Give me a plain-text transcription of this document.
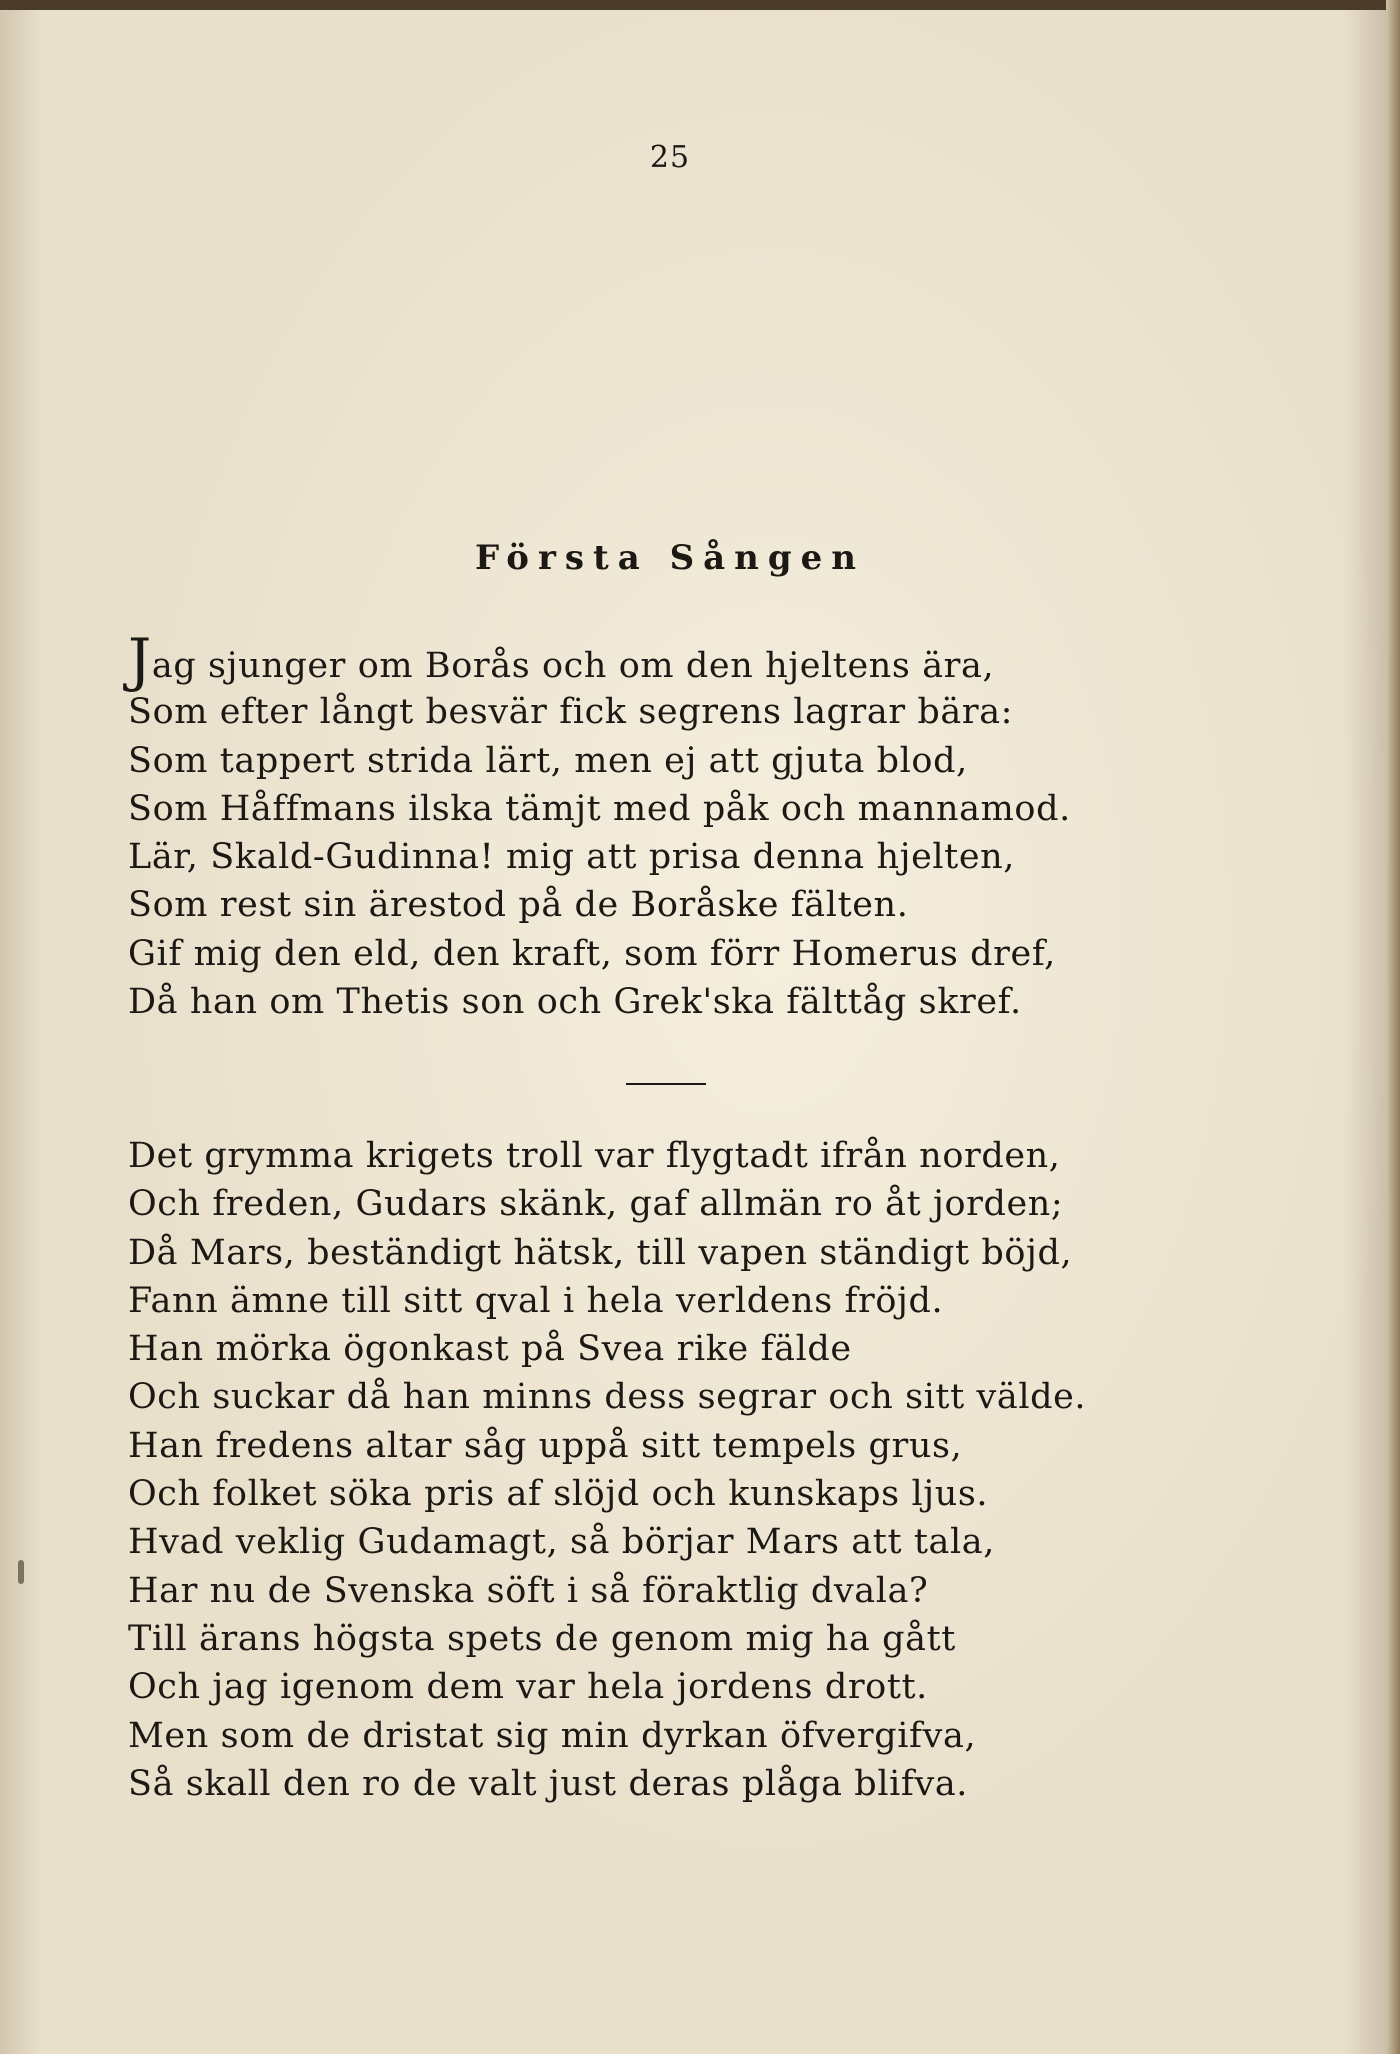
25
Första Sången
Jag sjunger om Borås och om den hjeltens ära,
Som efter långt besvär fick segrens lagrar bära:
Som tappert strida lärt, men ej att gjuta blod,
Som Håffmans ilska tämjt med påk och mannamod.
Lär, Skald-Gudinna! mig att prisa denna hjelten,
Som rest sin ärestod på de Boråske fälten.
Gif mig den eld, den kraft, som förr Homerus dref,
Då han om Thetis son och Grek'ska fälttåg skref.
Det grymma krigets troll var flygtadt ifrån norden,
Och freden, Gudars skänk, gaf allmän ro åt jorden;
Då Mars, beständigt hätsk, till vapen ständigt böjd,
Fann ämne till sitt qval i hela verldens fröjd.
Han mörka ögonkast på Svea rike fälde
Och suckar då han minns dess segrar och sitt välde.
Han fredens altar såg uppå sitt tempels grus,
Och folket söka pris af slöjd och kunskaps ljus.
Hvad veklig Gudamagt, så börjar Mars att tala,
Har nu de Svenska söft i så föraktlig dvala?
Till ärans högsta spets de genom mig ha gått
Och jag igenom dem var hela jordens drott.
Men som de dristat sig min dyrkan öfvergifva,
Så skall den ro de valt just deras plåga blifva.
